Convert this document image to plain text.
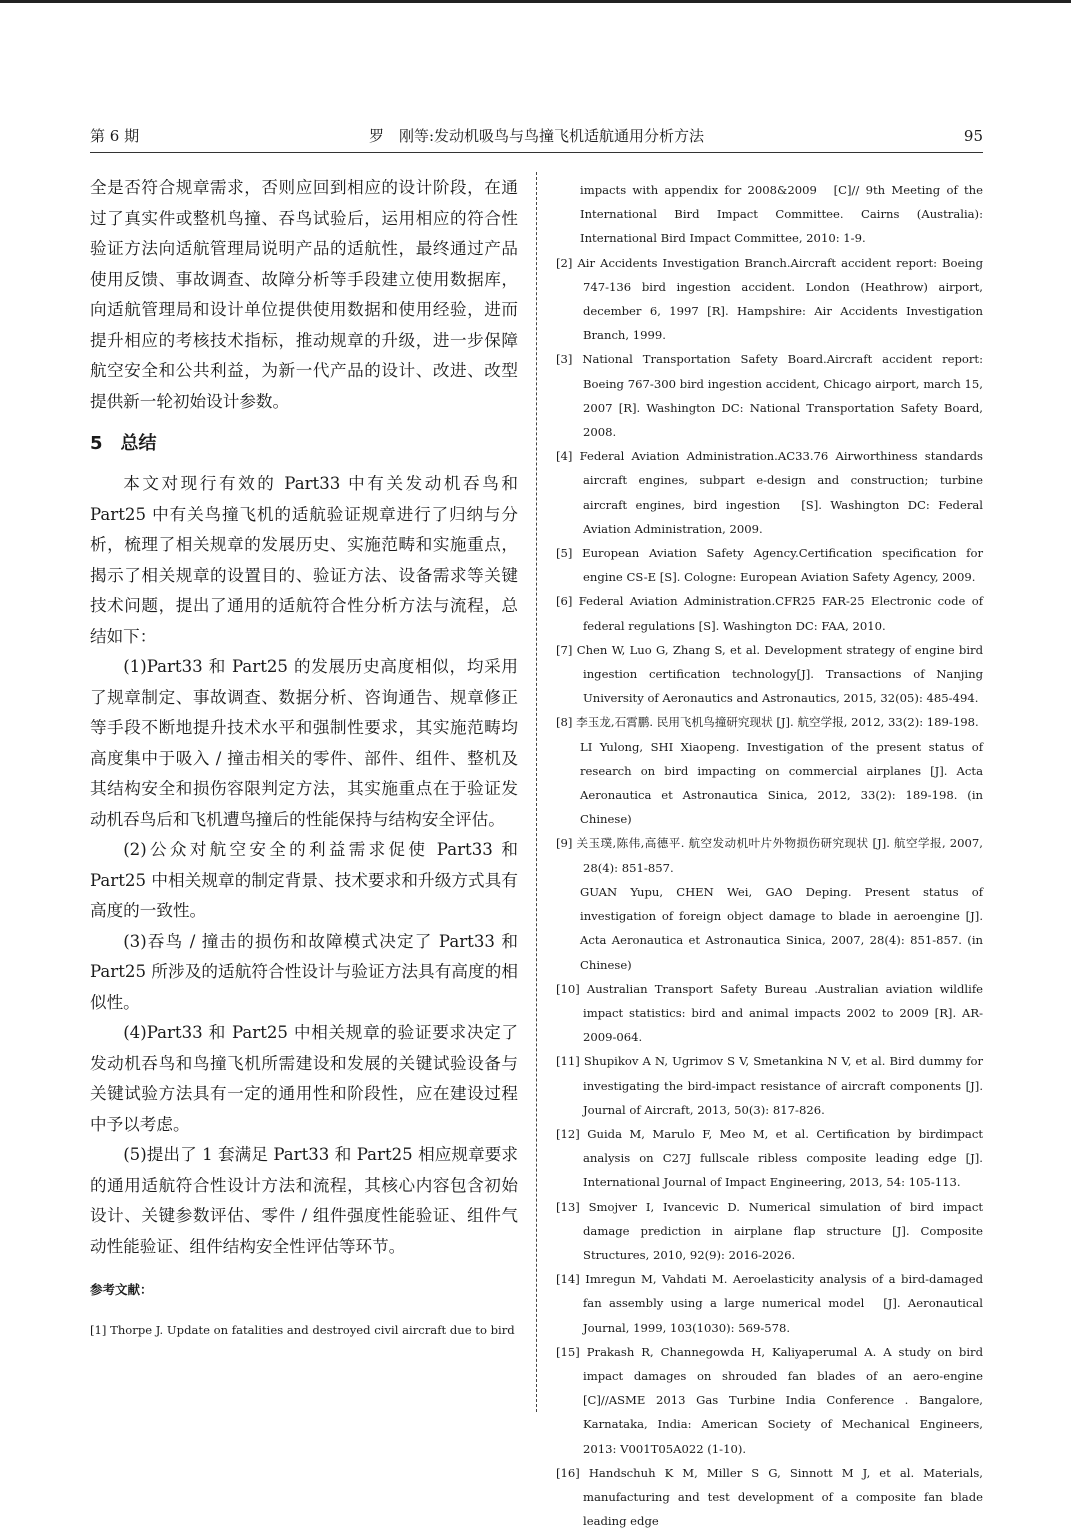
第 6 期	罗　刚等:发动机吸鸟与鸟撞飞机适航通用分析方法	95

全是否符合规章需求，否则应回到相应的设计阶段，在通过了真实件或整机鸟撞、吞鸟试验后，运用相应的符合性验证方法向适航管理局说明产品的适航性，最终通过产品使用反馈、事故调查、故障分析等手段建立使用数据库，向适航管理局和设计单位提供使用数据和使用经验，进而提升相应的考核技术指标，推动规章的升级，进一步保障航空安全和公共利益，为新一代产品的设计、改进、改型提供新一轮初始设计参数。

5 总结

本文对现行有效的 Part33 中有关发动机吞鸟和 Part25 中有关鸟撞飞机的适航验证规章进行了归纳与分析，梳理了相关规章的发展历史、实施范畴和实施重点，揭示了相关规章的设置目的、验证方法、设备需求等关键技术问题，提出了通用的适航符合性分析方法与流程，总结如下：

(1)Part33 和 Part25 的发展历史高度相似，均采用了规章制定、事故调查、数据分析、咨询通告、规章修正等手段不断地提升技术水平和强制性要求，其实施范畴均高度集中于吸入 / 撞击相关的零件、部件、组件、整机及其结构安全和损伤容限判定方法，其实施重点在于验证发动机吞鸟后和飞机遭鸟撞后的性能保持与结构安全评估。

(2)公众对航空安全的利益需求促使 Part33 和 Part25 中相关规章的制定背景、技术要求和升级方式具有高度的一致性。

(3)吞鸟 / 撞击的损伤和故障模式决定了 Part33 和 Part25 所涉及的适航符合性设计与验证方法具有高度的相似性。

(4)Part33 和 Part25 中相关规章的验证要求决定了发动机吞鸟和鸟撞飞机所需建设和发展的关键试验设备与关键试验方法具有一定的通用性和阶段性，应在建设过程中予以考虑。

(5)提出了 1 套满足 Part33 和 Part25 相应规章要求的通用适航符合性设计方法和流程，其核心内容包含初始设计、关键参数评估、零件 / 组件强度性能验证、组件气动性能验证、组件结构安全性评估等环节。

参考文献：

[1] Thorpe J. Update on fatalities and destroyed civil aircraft due to bird

impacts with appendix for 2008&2009　[C]// 9th Meeting of the International Bird Impact Committee. Cairns (Australia): International Bird Impact Committee, 2010: 1-9.

[2] Air Accidents Investigation Branch.Aircraft accident report: Boeing 747-136 bird ingestion accident. London (Heathrow) airport, december 6, 1997 [R]. Hampshire: Air Accidents Investigation Branch, 1999.

[3] National Transportation Safety Board.Aircraft accident report: Boeing 767-300 bird ingestion accident, Chicago airport, march 15, 2007 [R]. Washington DC: National Transportation Safety Board, 2008.

[4] Federal Aviation Administration.AC33.76 Airworthiness standards aircraft engines, subpart e-design and construction; turbine aircraft engines, bird ingestion　[S]. Washington DC: Federal Aviation Administration, 2009.

[5] European Aviation Safety Agency.Certification specification for engine CS-E [S]. Cologne: European Aviation Safety Agency, 2009.

[6] Federal Aviation Administration.CFR25 FAR-25 Electronic code of federal regulations [S]. Washington DC: FAA, 2010.

[7] Chen W, Luo G, Zhang S, et al. Development strategy of engine bird ingestion certification technology[J]. Transactions of Nanjing University of Aeronautics and Astronautics, 2015, 32(05): 485-494.

[8] 李玉龙,石霄鹏. 民用飞机鸟撞研究现状 [J]. 航空学报, 2012, 33(2): 189-198.

LI Yulong, SHI Xiaopeng. Investigation of the present status of research on bird impacting on commercial airplanes [J]. Acta Aeronautica et Astronautica Sinica, 2012, 33(2): 189-198. (in Chinese)

[9] 关玉璞,陈伟,高德平. 航空发动机叶片外物损伤研究现状 [J]. 航空学报, 2007, 28(4): 851-857.

GUAN Yupu, CHEN Wei, GAO Deping. Present status of investigation of foreign object damage to blade in aeroengine [J]. Acta Aeronautica et Astronautica Sinica, 2007, 28(4): 851-857. (in Chinese)

[10] Australian Transport Safety Bureau .Australian aviation wildlife impact statistics: bird and animal impacts 2002 to 2009 [R]. AR-2009-064.

[11] Shupikov A N, Ugrimov S V, Smetankina N V, et al. Bird dummy for investigating the bird-impact resistance of aircraft components [J]. Journal of Aircraft, 2013, 50(3): 817-826.

[12] Guida M, Marulo F, Meo M, et al. Certification by birdimpact analysis on C27J fullscale ribless composite leading edge [J]. International Journal of Impact Engineering, 2013, 54: 105-113.

[13] Smojver I, Ivancevic D. Numerical simulation of bird impact damage prediction in airplane flap structure [J]. Composite Structures, 2010, 92(9): 2016-2026.

[14] Imregun M, Vahdati M. Aeroelasticity analysis of a bird-damaged fan assembly using a large numerical model　[J]. Aeronautical Journal, 1999, 103(1030): 569-578.

[15] Prakash R, Channegowda H, Kaliyaperumal A. A study on bird impact damages on shrouded fan blades of an aero-engine [C]//ASME 2013 Gas Turbine India Conference . Bangalore, Karnataka, India: American Society of Mechanical Engineers, 2013: V001T05A022 (1-10).

[16] Handschuh K M, Miller S G, Sinnott M J, et al. Materials, manufacturing and test development of a composite fan blade leading edge
